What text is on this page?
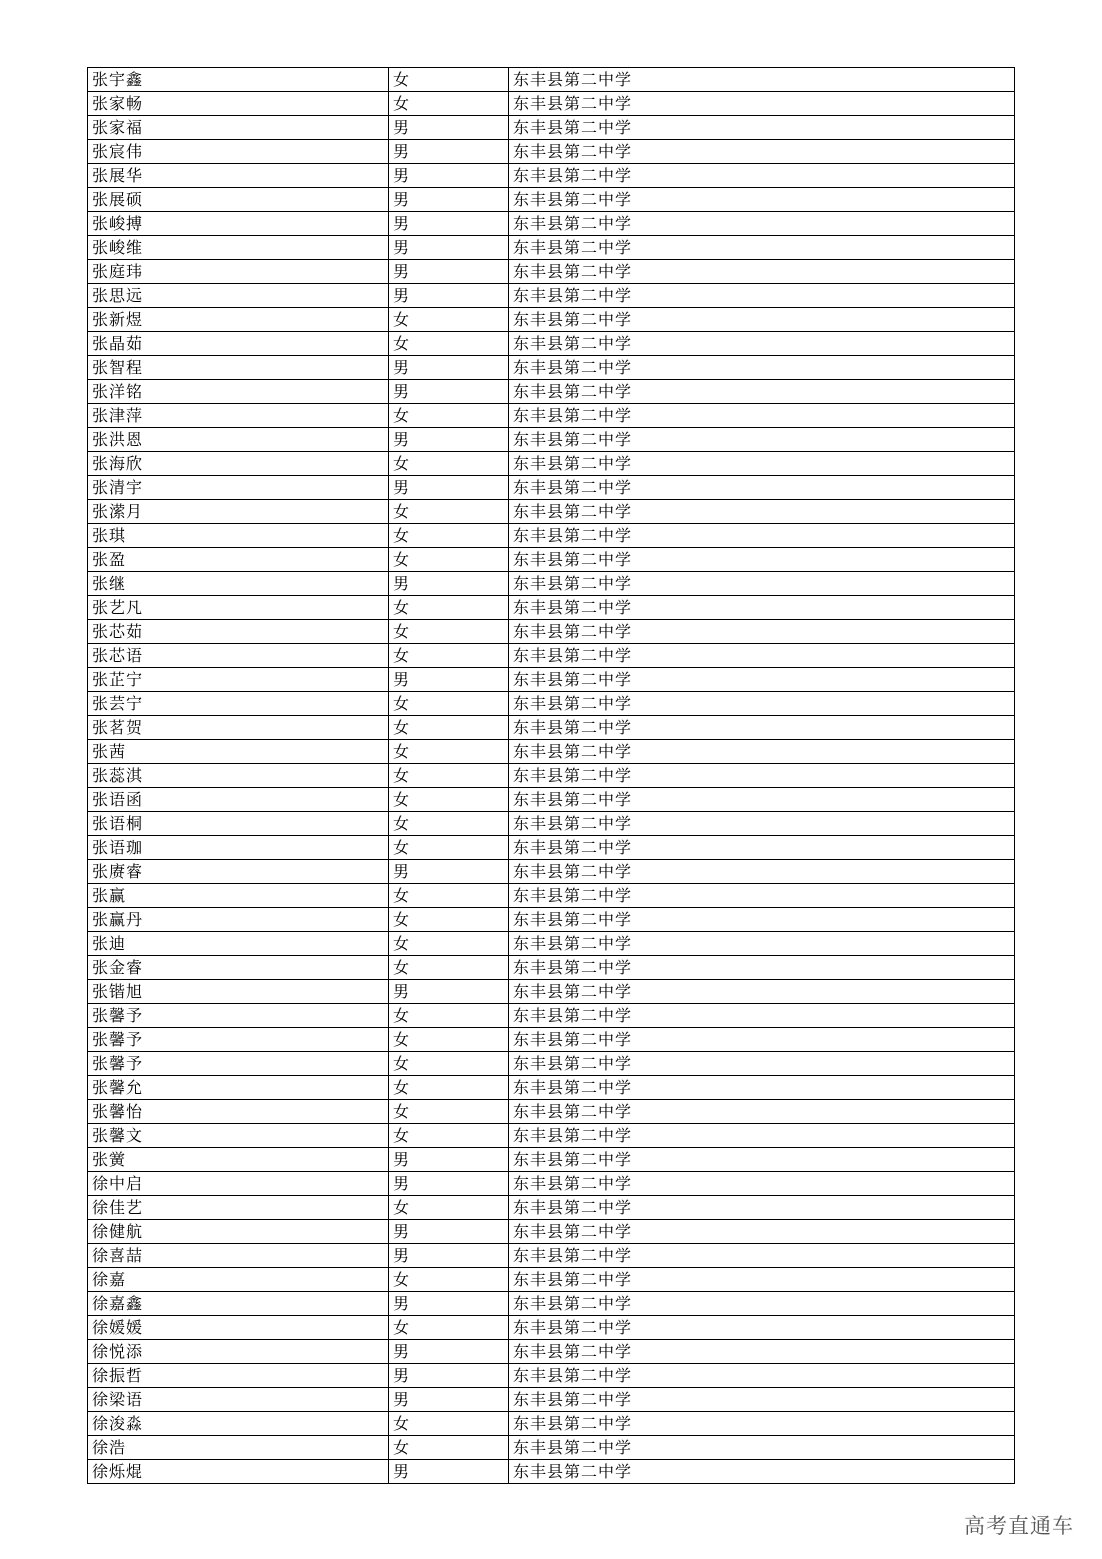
张宇鑫	女	东丰县第二中学
张家畅	女	东丰县第二中学
张家福	男	东丰县第二中学
张宸伟	男	东丰县第二中学
张展华	男	东丰县第二中学
张展硕	男	东丰县第二中学
张峻搏	男	东丰县第二中学
张峻维	男	东丰县第二中学
张庭玮	男	东丰县第二中学
张思远	男	东丰县第二中学
张新煜	女	东丰县第二中学
张晶茹	女	东丰县第二中学
张智程	男	东丰县第二中学
张洋铭	男	东丰县第二中学
张津萍	女	东丰县第二中学
张洪恩	男	东丰县第二中学
张海欣	女	东丰县第二中学
张清宇	男	东丰县第二中学
张潆月	女	东丰县第二中学
张琪	女	东丰县第二中学
张盈	女	东丰县第二中学
张继	男	东丰县第二中学
张艺凡	女	东丰县第二中学
张芯茹	女	东丰县第二中学
张芯语	女	东丰县第二中学
张芷宁	男	东丰县第二中学
张芸宁	女	东丰县第二中学
张茗贺	女	东丰县第二中学
张茜	女	东丰县第二中学
张蕊淇	女	东丰县第二中学
张语函	女	东丰县第二中学
张语桐	女	东丰县第二中学
张语珈	女	东丰县第二中学
张赓睿	男	东丰县第二中学
张赢	女	东丰县第二中学
张赢丹	女	东丰县第二中学
张迪	女	东丰县第二中学
张金睿	女	东丰县第二中学
张锴旭	男	东丰县第二中学
张馨予	女	东丰县第二中学
张馨予	女	东丰县第二中学
张馨予	女	东丰县第二中学
张馨允	女	东丰县第二中学
张馨怡	女	东丰县第二中学
张馨文	女	东丰县第二中学
张黉	男	东丰县第二中学
徐中启	男	东丰县第二中学
徐佳艺	女	东丰县第二中学
徐健航	男	东丰县第二中学
徐喜喆	男	东丰县第二中学
徐嘉	女	东丰县第二中学
徐嘉鑫	男	东丰县第二中学
徐媛媛	女	东丰县第二中学
徐悦添	男	东丰县第二中学
徐振哲	男	东丰县第二中学
徐梁语	男	东丰县第二中学
徐浚淼	女	东丰县第二中学
徐浩	女	东丰县第二中学
徐烁焜	男	东丰县第二中学
高考直通车
